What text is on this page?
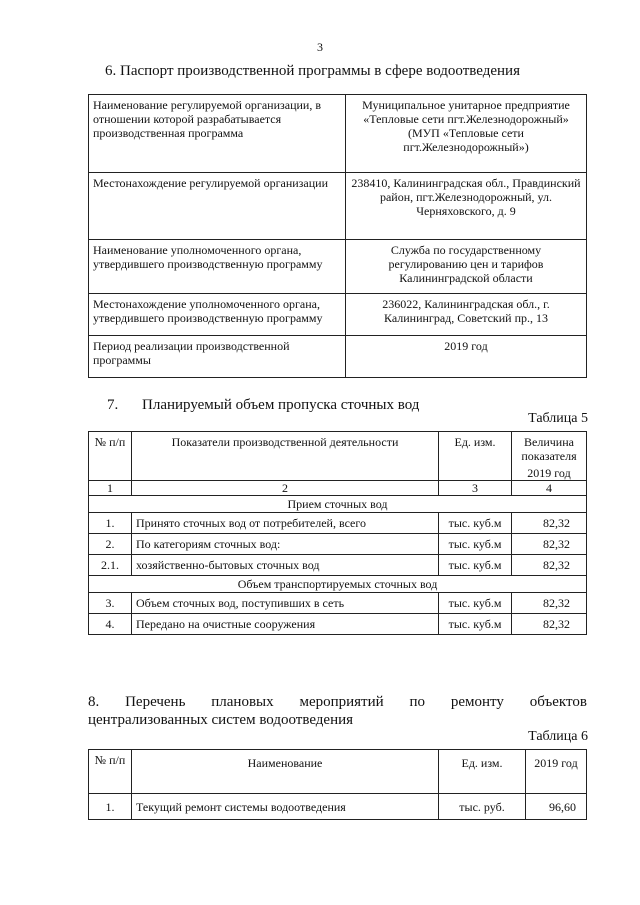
3
6. Паспорт производственной программы в сфере водоотведения
Наименование регулируемой организации, в отношении которой разрабатывается производственная программа	Муниципальное унитарное предприятие «Тепловые сети пгт.Железнодорожный» (МУП «Тепловые сети пгт.Железнодорожный»)
Местонахождение регулируемой организации	238410, Калининградская обл., Правдинский район, пгт.Железнодорожный, ул. Черняховского, д. 9
Наименование уполномоченного органа, утвердившего производственную программу	Служба по государственному регулированию цен и тарифов Калининградской области
Местонахождение уполномоченного органа, утвердившего производственную программу	236022, Калининградская обл., г. Калининград, Советский пр., 13
Период реализации производственной программы	2019 год
7. Планируемый объем пропуска сточных вод
Таблица 5
№ п/п	Показатели производственной деятельности	Ед. изм.	Величина показателя
			2019 год
1	2	3	4
Прием сточных вод			
1.	Принято сточных вод от потребителей, всего	тыс. куб.м	82,32
2.	По категориям сточных вод:	тыс. куб.м	82,32
2.1.	хозяйственно-бытовых сточных вод	тыс. куб.м	82,32
Объем транспортируемых сточных вод			
3.	Объем сточных вод, поступивших в сеть	тыс. куб.м	82,32
4.	Передано на очистные сооружения	тыс. куб.м	82,32
8. Перечень плановых мероприятий по ремонту объектов
централизованных систем водоотведения
Таблица 6
№ п/п	Наименование	Ед. изм.	2019 год
1.	Текущий ремонт системы водоотведения	тыс. руб.	96,60
